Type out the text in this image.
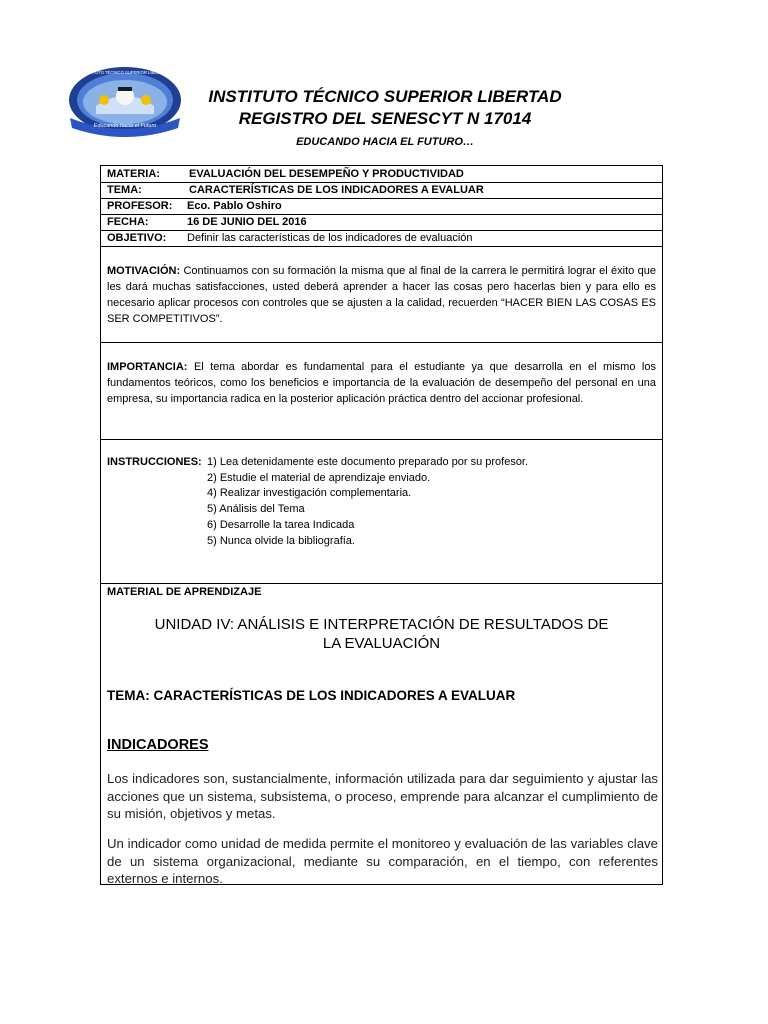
Educando hacia el Futuro
INSTITUTO TÉCNICO SUPERIOR LIBERTAD
INSTITUTO TÉCNICO SUPERIOR LIBERTAD
REGISTRO DEL SENESCYT N 17014
EDUCANDO HACIA EL FUTURO…
MATERIA:	EVALUACIÓN DEL DESEMPEÑO Y PRODUCTIVIDAD
TEMA:	CARACTERÍSTICAS DE LOS INDICADORES A EVALUAR
PROFESOR: Eco. Pablo Oshiro
FECHA:	16 DE JUNIO DEL 2016
OBJETIVO: Definir las características de los indicadores de evaluación
MOTIVACIÓN: Continuamos con su formación la misma que al final de la carrera le permitirá lograr el éxito que les dará muchas satisfacciones, usted deberá aprender a hacer las cosas pero hacerlas bien y para ello es necesario aplicar procesos con controles que se ajusten a la calidad, recuerden “HACER BIEN LAS COSAS ES SER COMPETITIVOS”.
IMPORTANCIA: El tema abordar es fundamental para el estudiante ya que desarrolla en el mismo los fundamentos teóricos, como los beneficios e importancia de la evaluación de desempeño del personal en una empresa, su importancia radica en la posterior aplicación práctica dentro del accionar profesional.
INSTRUCCIONES: 1) Lea detenidamente este documento preparado por su profesor.
2) Estudie el material de aprendizaje enviado.
4) Realizar investigación complementaria.
5) Análisis del Tema
6) Desarrolle la tarea Indicada
5) Nunca olvide la bibliografía.
MATERIAL DE APRENDIZAJE
UNIDAD IV: ANÁLISIS E INTERPRETACIÓN DE RESULTADOS DE
LA EVALUACIÓN
TEMA: CARACTERÍSTICAS DE LOS INDICADORES A EVALUAR
INDICADORES
Los indicadores son, sustancialmente, información utilizada para dar seguimiento y ajustar las acciones que un sistema, subsistema, o proceso, emprende para alcanzar el cumplimiento de su misión, objetivos y metas.
Un indicador como unidad de medida permite el monitoreo y evaluación de las variables clave de un sistema organizacional, mediante su comparación, en el tiempo, con referentes externos e internos.
